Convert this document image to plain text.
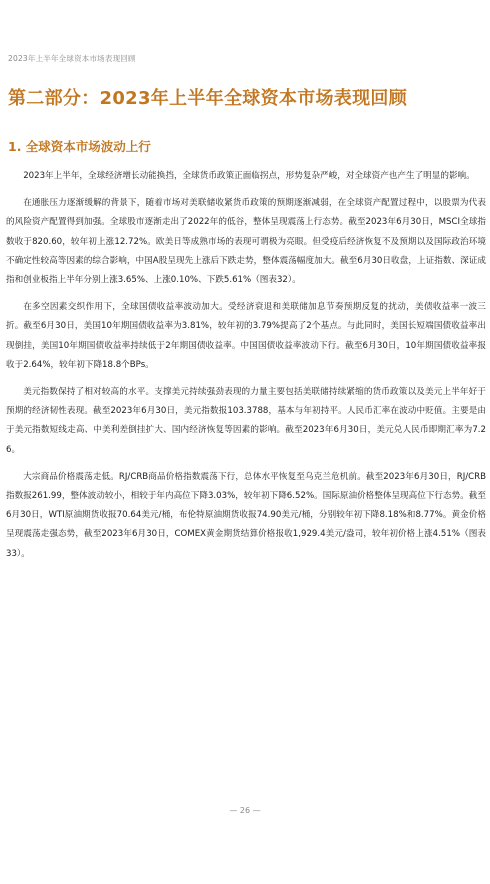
2023年上半年全球资本市场表现回顾
第二部分：2023年上半年全球资本市场表现回顾
1. 全球资本市场波动上行

2023年上半年，全球经济增长动能换挡，全球货币政策正面临拐点，形势复杂严峻，对全球资产也产生了明显的影响。

在通胀压力逐渐缓解的背景下，随着市场对美联储收紧货币政策的预期逐渐减弱，在全球资产配置过程中，以股票为代表的风险资产配置得到加强。全球股市逐渐走出了2022年的低谷，整体呈现震荡上行态势。截至2023年6月30日，MSCI全球指数收于820.60，较年初上涨12.72%。欧美日等成熟市场的表现可谓极为亮眼。但受疫后经济恢复不及预期以及国际政治环境不确定性较高等因素的综合影响，中国A股呈现先上涨后下跌走势，整体震荡幅度加大。截至6月30日收盘，上证指数、深证成指和创业板指上半年分别上涨3.65%、上涨0.10%、下跌5.61%（图表32）。

在多空因素交织作用下，全球国债收益率波动加大。受经济衰退和美联储加息节奏预期反复的扰动，美债收益率一波三折。截至6月30日，美国10年期国债收益率为3.81%，较年初的3.79%提高了2个基点。与此同时，美国长短端国债收益率出现倒挂，美国10年期国债收益率持续低于2年期国债收益率。中国国债收益率波动下行。截至6月30日，10年期国债收益率报收于2.64%，较年初下降18.8个BPs。

美元指数保持了相对较高的水平。支撑美元持续强劲表现的力量主要包括美联储持续紧缩的货币政策以及美元上半年好于预期的经济韧性表现。截至2023年6月30日，美元指数报103.3788，基本与年初持平。人民币汇率在波动中贬值。主要是由于美元指数短线走高、中美利差倒挂扩大、国内经济恢复等因素的影响。截至2023年6月30日，美元兑人民币即期汇率为7.26。

大宗商品价格震荡走低。RJ/CRB商品价格指数震荡下行，总体水平恢复至乌克兰危机前。截至2023年6月30日，RJ/CRB指数报261.99，整体波动较小，相较于年内高位下降3.03%，较年初下降6.52%。国际原油价格整体呈现高位下行态势。截至6月30日，WTI原油期货收报70.64美元/桶，布伦特原油期货收报74.90美元/桶，分别较年初下降8.18%和8.77%。黄金价格呈现震荡走强态势，截至2023年6月30日，COMEX黄金期货结算价格报收1,929.4美元/盎司，较年初价格上涨4.51%（图表33）。

— 26 —
